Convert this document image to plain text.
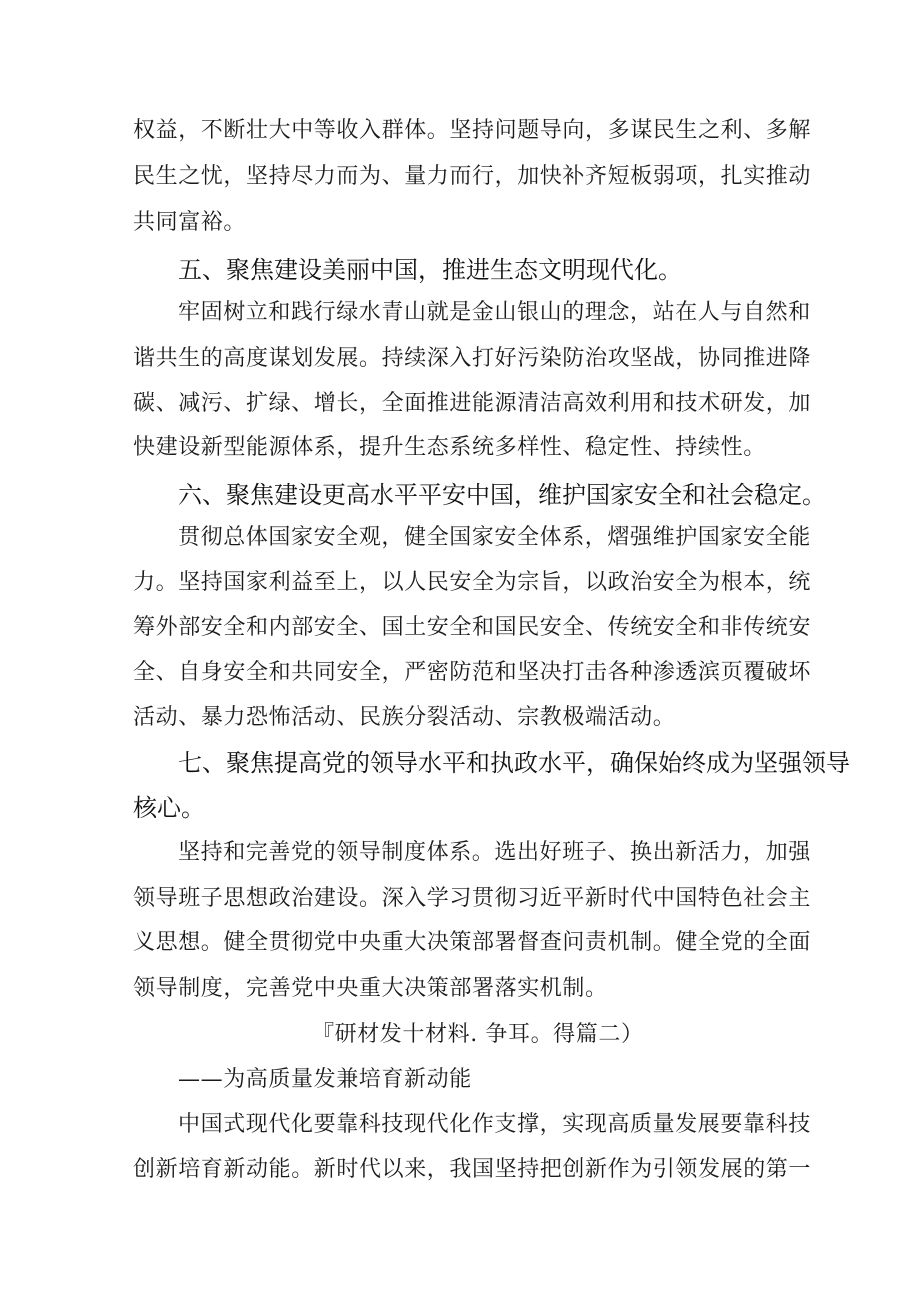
权益，不断壮大中等收入群体。坚持问题导向，多谋民生之利、多解
民生之忧，坚持尽力而为、量力而行，加快补齐短板弱项，扎实推动
共同富裕。
五、聚焦建设美丽中国，推进生态文明现代化。
牢固树立和践行绿水青山就是金山银山的理念，站在人与自然和
谐共生的高度谋划发展。持续深入打好污染防治攻坚战，协同推进降
碳、减污、扩绿、增长，全面推进能源清洁高效利用和技术研发，加
快建设新型能源体系，提升生态系统多样性、稳定性、持续性。
六、聚焦建设更高水平平安中国，维护国家安全和社会稳定。
贯彻总体国家安全观，健全国家安全体系，熠强维护国家安全能
力。坚持国家利益至上，以人民安全为宗旨，以政治安全为根本，统
筹外部安全和内部安全、国土安全和国民安全、传统安全和非传统安
全、自身安全和共同安全，严密防范和坚决打击各种渗透滨页覆破坏
活动、暴力恐怖活动、民族分裂活动、宗教极端活动。
七、聚焦提高党的领导水平和执政水平，确保始终成为坚强领导
核心。
坚持和完善党的领导制度体系。选出好班子、换出新活力，加强
领导班子思想政治建设。深入学习贯彻习近平新时代中国特色社会主
义思想。健全贯彻党中央重大决策部署督查问责机制。健全党的全面
领导制度，完善党中央重大决策部署落实机制。
『研材发十材料. 争耳。得篇二）
——为高质量发兼培育新动能
中国式现代化要靠科技现代化作支撑，实现高质量发展要靠科技
创新培育新动能。新时代以来，我国坚持把创新作为引领发展的第一
